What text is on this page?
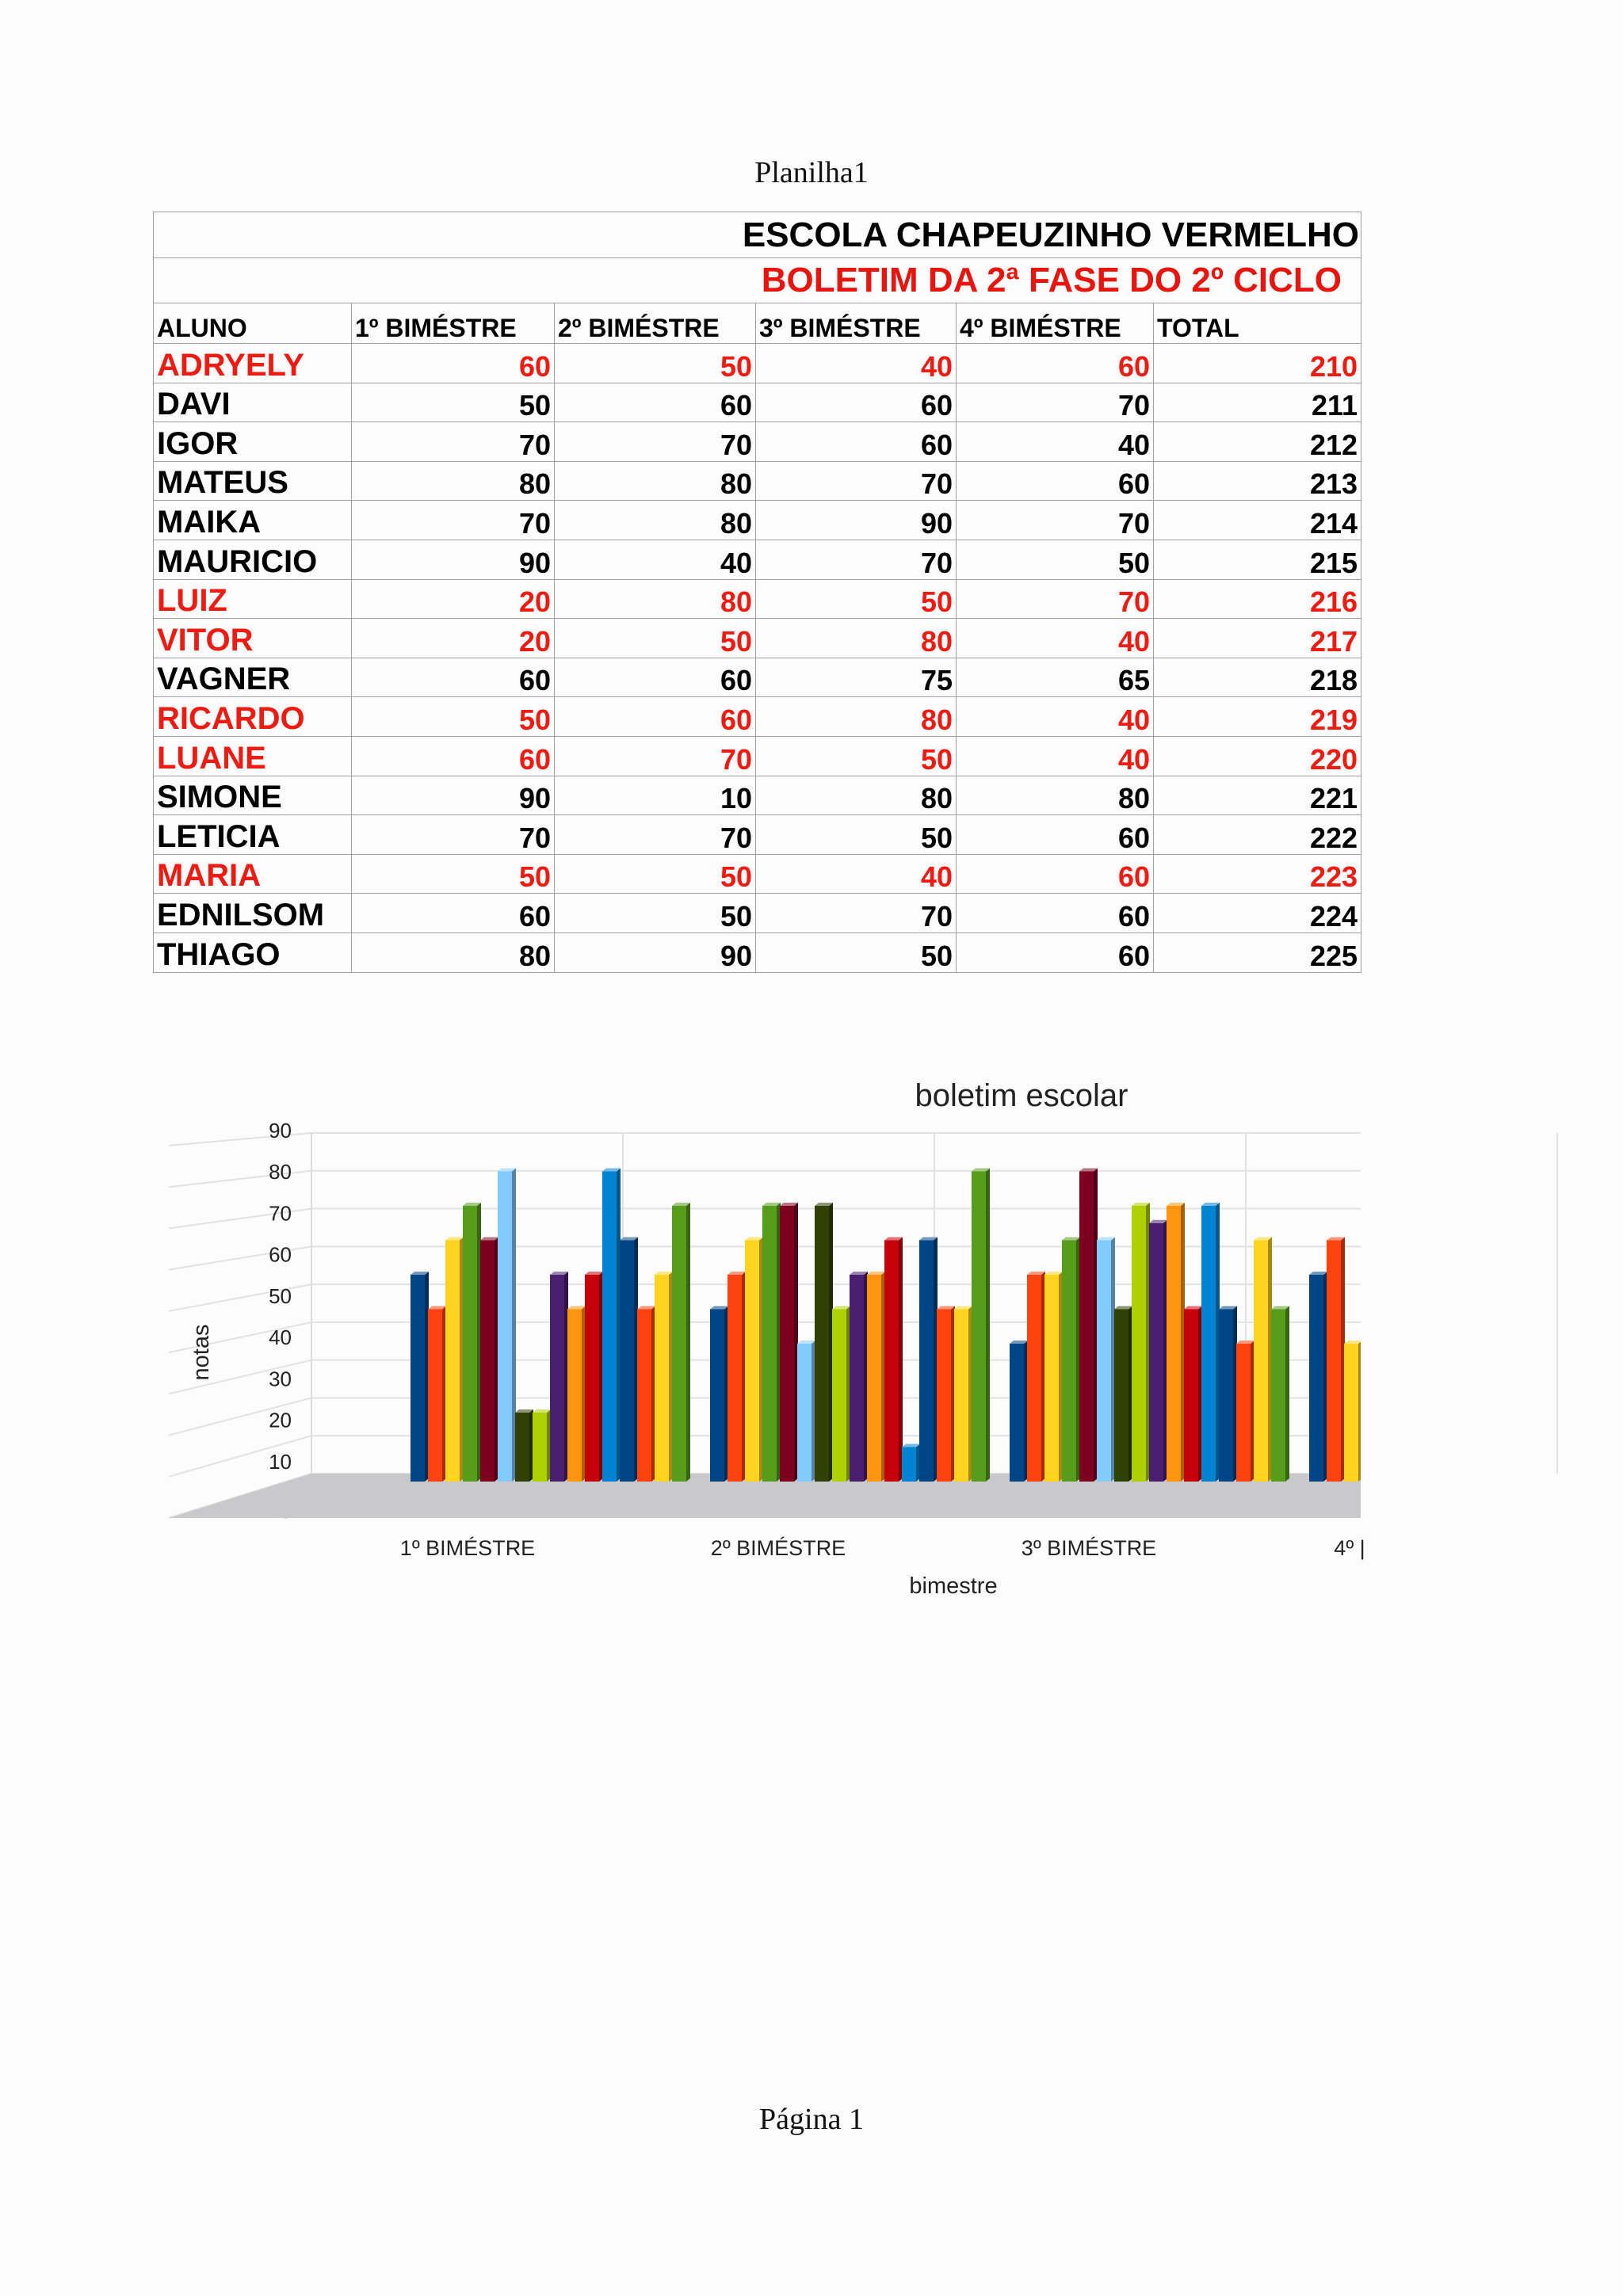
Planilha1
ESCOLA CHAPEUZINHO VERMELHO					
BOLETIM DA 2ª FASE DO 2º CICLO					
ALUNO	1º BIMÉSTRE	2º BIMÉSTRE	3º BIMÉSTRE	4º BIMÉSTRE	TOTAL
ADRYELY	60	50	40	60	210
DAVI	50	60	60	70	211
IGOR	70	70	60	40	212
MATEUS	80	80	70	60	213
MAIKA	70	80	90	70	214
MAURICIO	90	40	70	50	215
LUIZ	20	80	50	70	216
VITOR	20	50	80	40	217
VAGNER	60	60	75	65	218
RICARDO	50	60	80	40	219
LUANE	60	70	50	40	220
SIMONE	90	10	80	80	221
LETICIA	70	70	50	60	222
MARIA	50	50	40	60	223
EDNILSOM	60	50	70	60	224
THIAGO	80	90	50	60	225
boletim escolar
10
20
30
40
50
60
70
80
90
1º BIMÉSTRE	2º BIMÉSTRE	3º BIMÉSTRE	4º |
bimestre
notas
Página 1
